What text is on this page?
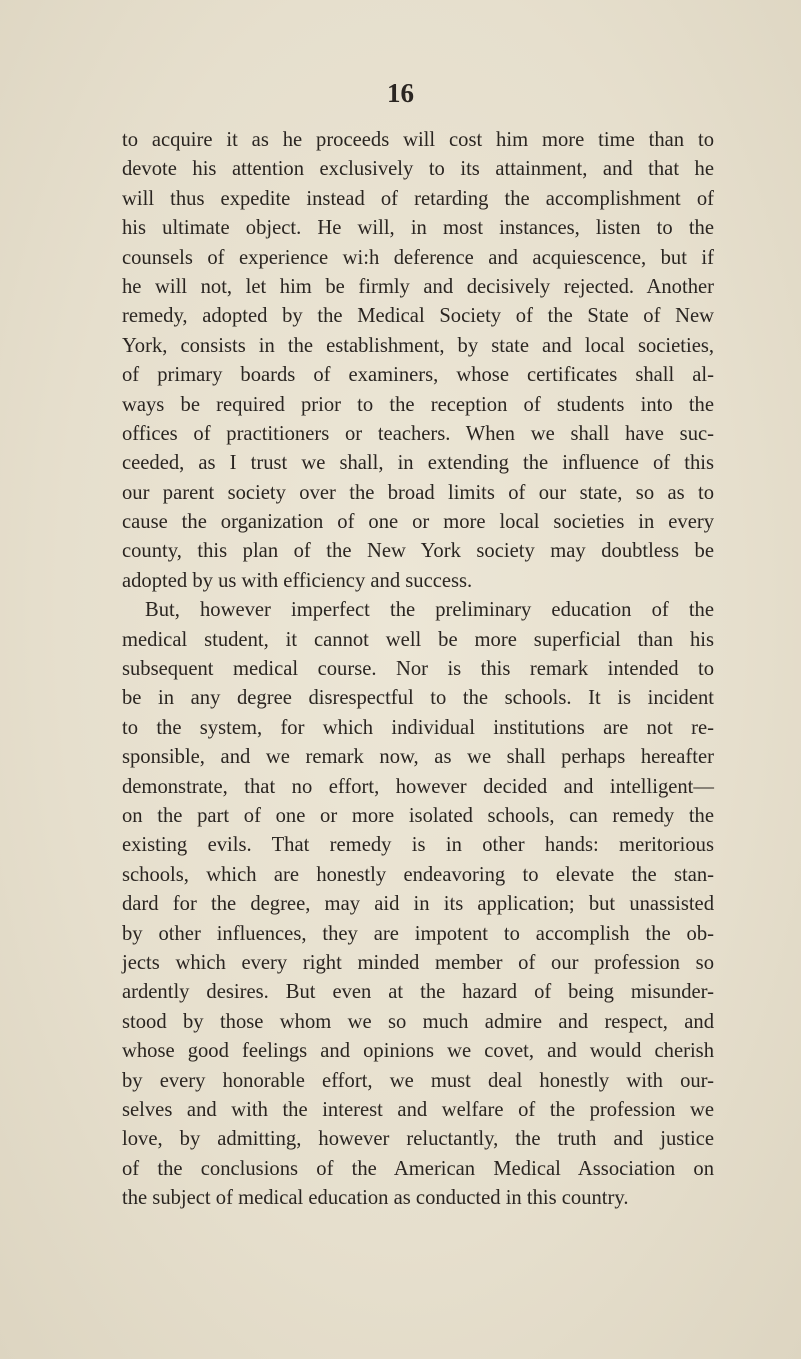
16
to acquire it as he proceeds will cost him more time than to
devote his attention exclusively to its attainment, and that he
will thus expedite instead of retarding the accomplishment of
his ultimate object. He will, in most instances, listen to the
counsels of experience wi:h deference and acquiescence, but if
he will not, let him be firmly and decisively rejected. Another
remedy, adopted by the Medical Society of the State of New
York, consists in the establishment, by state and local societies,
of primary boards of examiners, whose certificates shall al-
ways be required prior to the reception of students into the
offices of practitioners or teachers. When we shall have suc-
ceeded, as I trust we shall, in extending the influence of this
our parent society over the broad limits of our state, so as to
cause the organization of one or more local societies in every
county, this plan of the New York society may doubtless be
adopted by us with efficiency and success.
But, however imperfect the preliminary education of the
medical student, it cannot well be more superficial than his
subsequent medical course. Nor is this remark intended to
be in any degree disrespectful to the schools. It is incident
to the system, for which individual institutions are not re-
sponsible, and we remark now, as we shall perhaps hereafter
demonstrate, that no effort, however decided and intelligent—
on the part of one or more isolated schools, can remedy the
existing evils. That remedy is in other hands: meritorious
schools, which are honestly endeavoring to elevate the stan-
dard for the degree, may aid in its application; but unassisted
by other influences, they are impotent to accomplish the ob-
jects which every right minded member of our profession so
ardently desires. But even at the hazard of being misunder-
stood by those whom we so much admire and respect, and
whose good feelings and opinions we covet, and would cherish
by every honorable effort, we must deal honestly with our-
selves and with the interest and welfare of the profession we
love, by admitting, however reluctantly, the truth and justice
of the conclusions of the American Medical Association on
the subject of medical education as conducted in this country.
